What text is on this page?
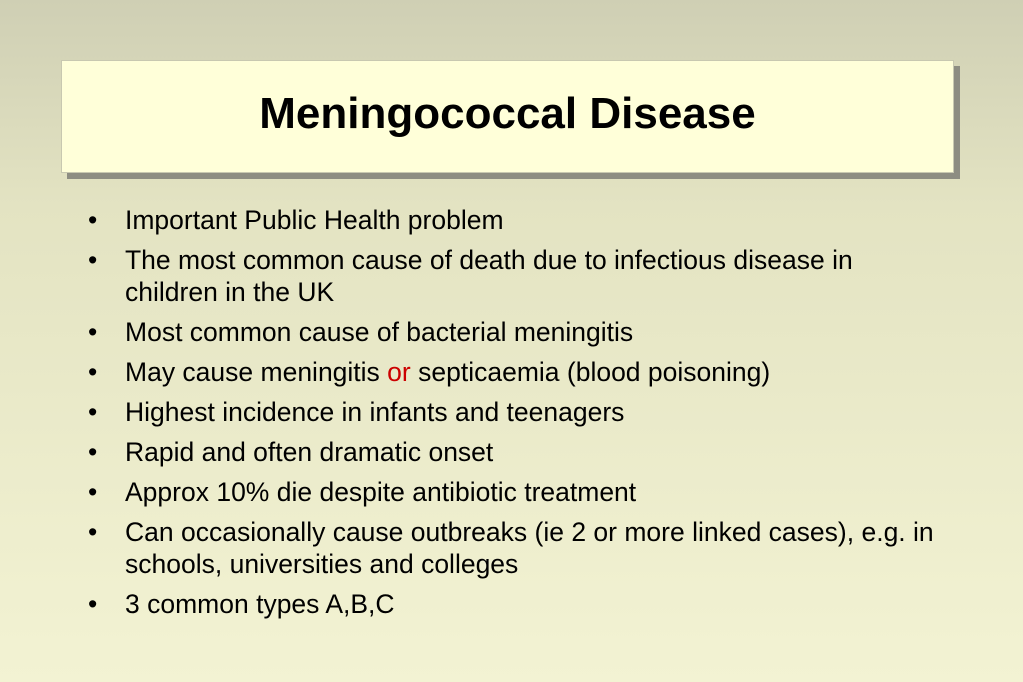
Meningococcal Disease
•	Important Public Health problem
•	The most common cause of death due to infectious disease in children in the UK
•	Most common cause of bacterial meningitis
•	May cause meningitis or septicaemia (blood poisoning)
•	Highest incidence in infants and teenagers
•	Rapid and often dramatic onset
•	Approx 10% die despite antibiotic treatment
•	Can occasionally cause outbreaks (ie 2 or more linked cases), e.g. in schools, universities and colleges
•	3 common types A,B,C
